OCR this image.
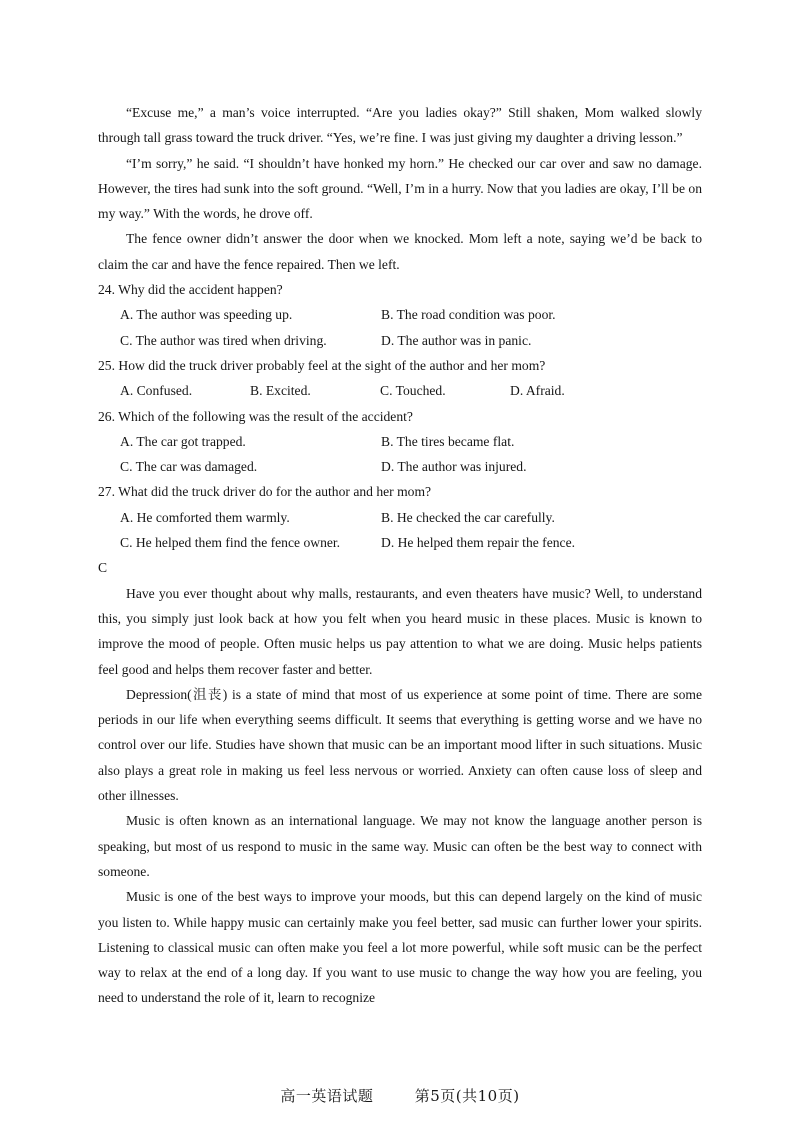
“Excuse me,” a man’s voice interrupted. “Are you ladies okay?” Still shaken, Mom walked slowly through tall grass toward the truck driver. “Yes, we’re fine. I was just giving my daughter a driving lesson.”

“I’m sorry,” he said. “I shouldn’t have honked my horn.” He checked our car over and saw no damage. However, the tires had sunk into the soft ground. “Well, I’m in a hurry. Now that you ladies are okay, I’ll be on my way.” With the words, he drove off.

The fence owner didn’t answer the door when we knocked. Mom left a note, saying we’d be back to claim the car and have the fence repaired. Then we left.

24. Why did the accident happen?

A. The author was speeding up.	B. The road condition was poor.
C. The author was tired when driving.	D. The author was in panic.

25. How did the truck driver probably feel at the sight of the author and her mom?

A. Confused.	B. Excited.	C. Touched.	D. Afraid.

26. Which of the following was the result of the accident?

A. The car got trapped.	B. The tires became flat.
C. The car was damaged.	D. The author was injured.

27. What did the truck driver do for the author and her mom?

A. He comforted them warmly.	B. He checked the car carefully.
C. He helped them find the fence owner.	D. He helped them repair the fence.

C

Have you ever thought about why malls, restaurants, and even theaters have music? Well, to understand this, you simply just look back at how you felt when you heard music in these places. Music is known to improve the mood of people. Often music helps us pay attention to what we are doing. Music helps patients feel good and helps them recover faster and better.

Depression(沮丧) is a state of mind that most of us experience at some point of time. There are some periods in our life when everything seems difficult. It seems that everything is getting worse and we have no control over our life. Studies have shown that music can be an important mood lifter in such situations. Music also plays a great role in making us feel less nervous or worried. Anxiety can often cause loss of sleep and other illnesses.

Music is often known as an international language. We may not know the language another person is speaking, but most of us respond to music in the same way. Music can often be the best way to connect with someone.

Music is one of the best ways to improve your moods, but this can depend largely on the kind of music you listen to. While happy music can certainly make you feel better, sad music can further lower your spirits. Listening to classical music can often make you feel a lot more powerful, while soft music can be the perfect way to relax at the end of a long day. If you want to use music to change the way how you are feeling, you need to understand the role of it, learn to recognize

高一英语试题	第5页(共10页)
